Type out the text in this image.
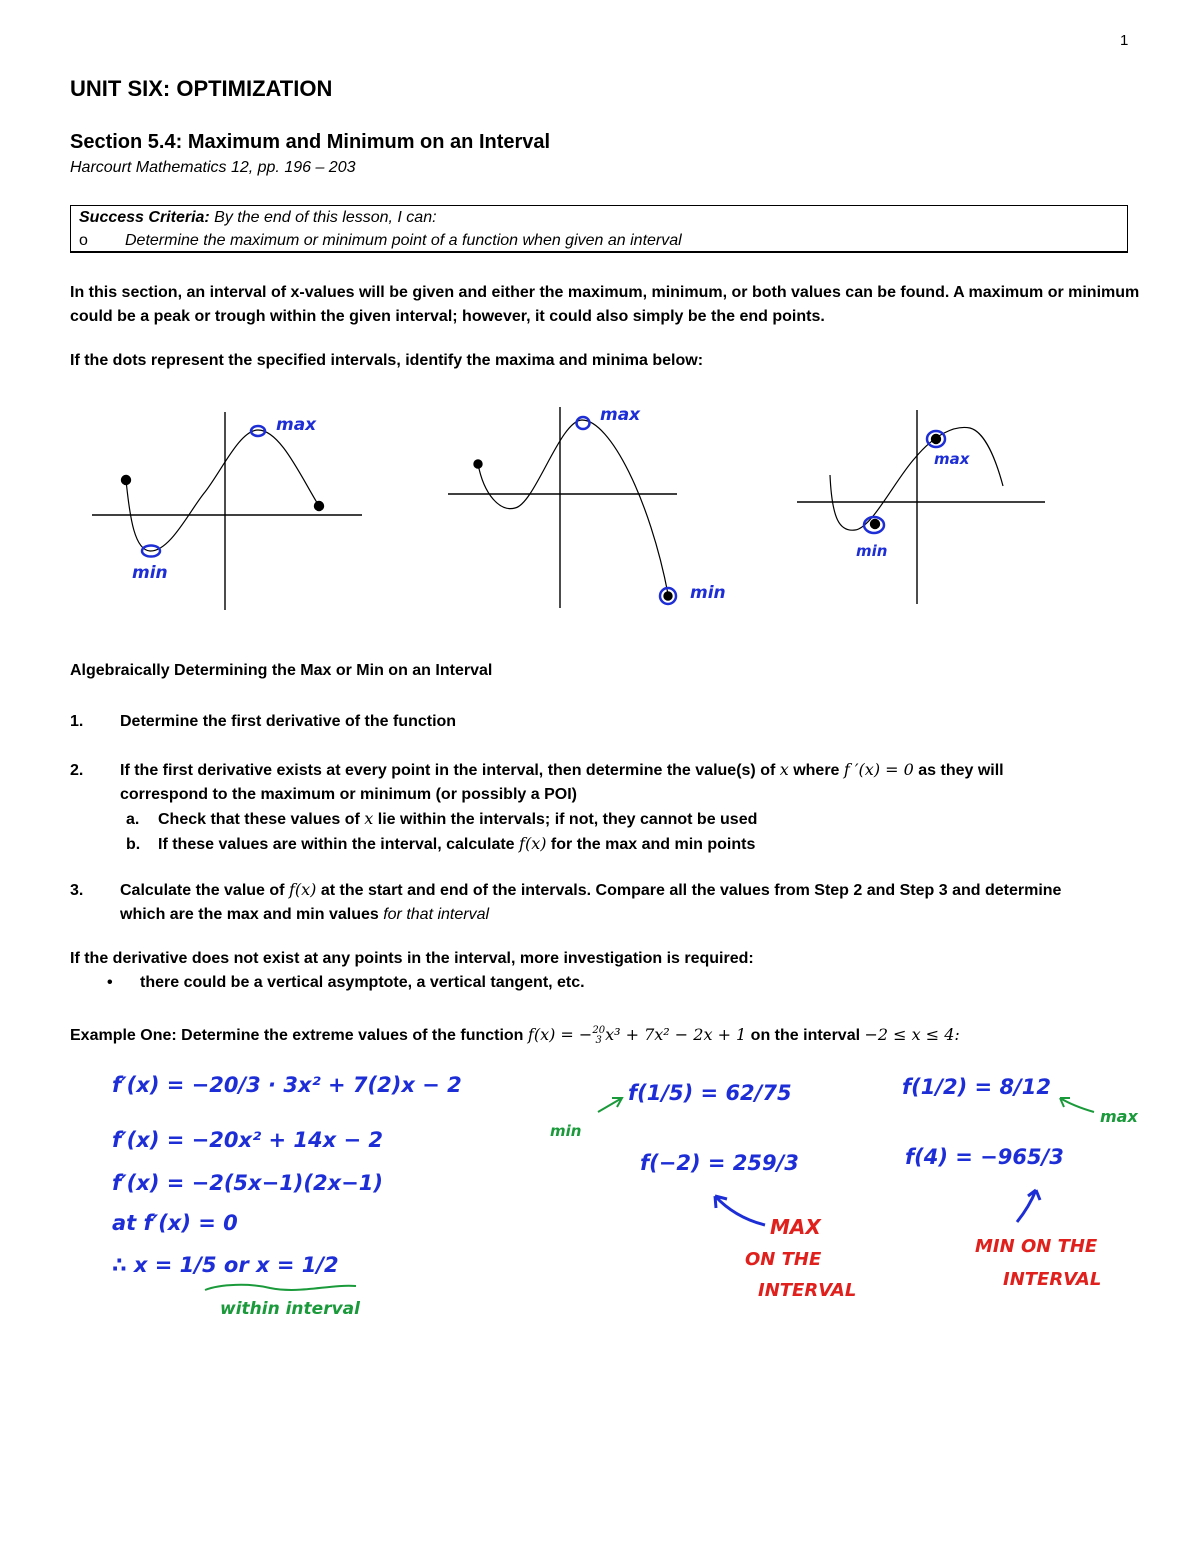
1
UNIT SIX: OPTIMIZATION
Section 5.4: Maximum and Minimum on an Interval
Harcourt Mathematics 12, pp. 196 – 203
Success Criteria: By the end of this lesson, I can:
o Determine the maximum or minimum point of a function when given an interval
In this section, an interval of x-values will be given and either the maximum, minimum, or both values can be found. A maximum or minimum could be a peak or trough within the given interval; however, it could also simply be the end points.
If the dots represent the specified intervals, identify the maxima and minima below:
max
min
max
min
max
min
Algebraically Determining the Max or Min on an Interval
1. Determine the first derivative of the function
2. If the first derivative exists at every point in the interval, then determine the value(s) of x where f ′(x) = 0 as they will
correspond to the maximum or minimum (or possibly a POI)
a. Check that these values of x lie within the intervals; if not, they cannot be used
b. If these values are within the interval, calculate f(x) for the max and min points
3. Calculate the value of f(x) at the start and end of the intervals. Compare all the values from Step 2 and Step 3 and determine
which are the max and min values for that interval
If the derivative does not exist at any points in the interval, more investigation is required:
• there could be a vertical asymptote, a vertical tangent, etc.
Example One: Determine the extreme values of the function f(x) = −20
3 x³ + 7x² − 2x + 1 on the interval −2 ≤ x ≤ 4:
f′(x) = −20/3 · 3x² + 7(2)x − 2
f′(x) = −20x² + 14x − 2
f′(x) = −2(5x−1)(2x−1)
at f′(x) = 0
∴ x = 1/5 or x = 1/2
f(1/5) = 62/75
f(−2) = 259/3
f(1/2) = 8/12
f(4) = −965/3
within interval
min
max
MAX
ON THE
INTERVAL
MIN ON THE
INTERVAL
